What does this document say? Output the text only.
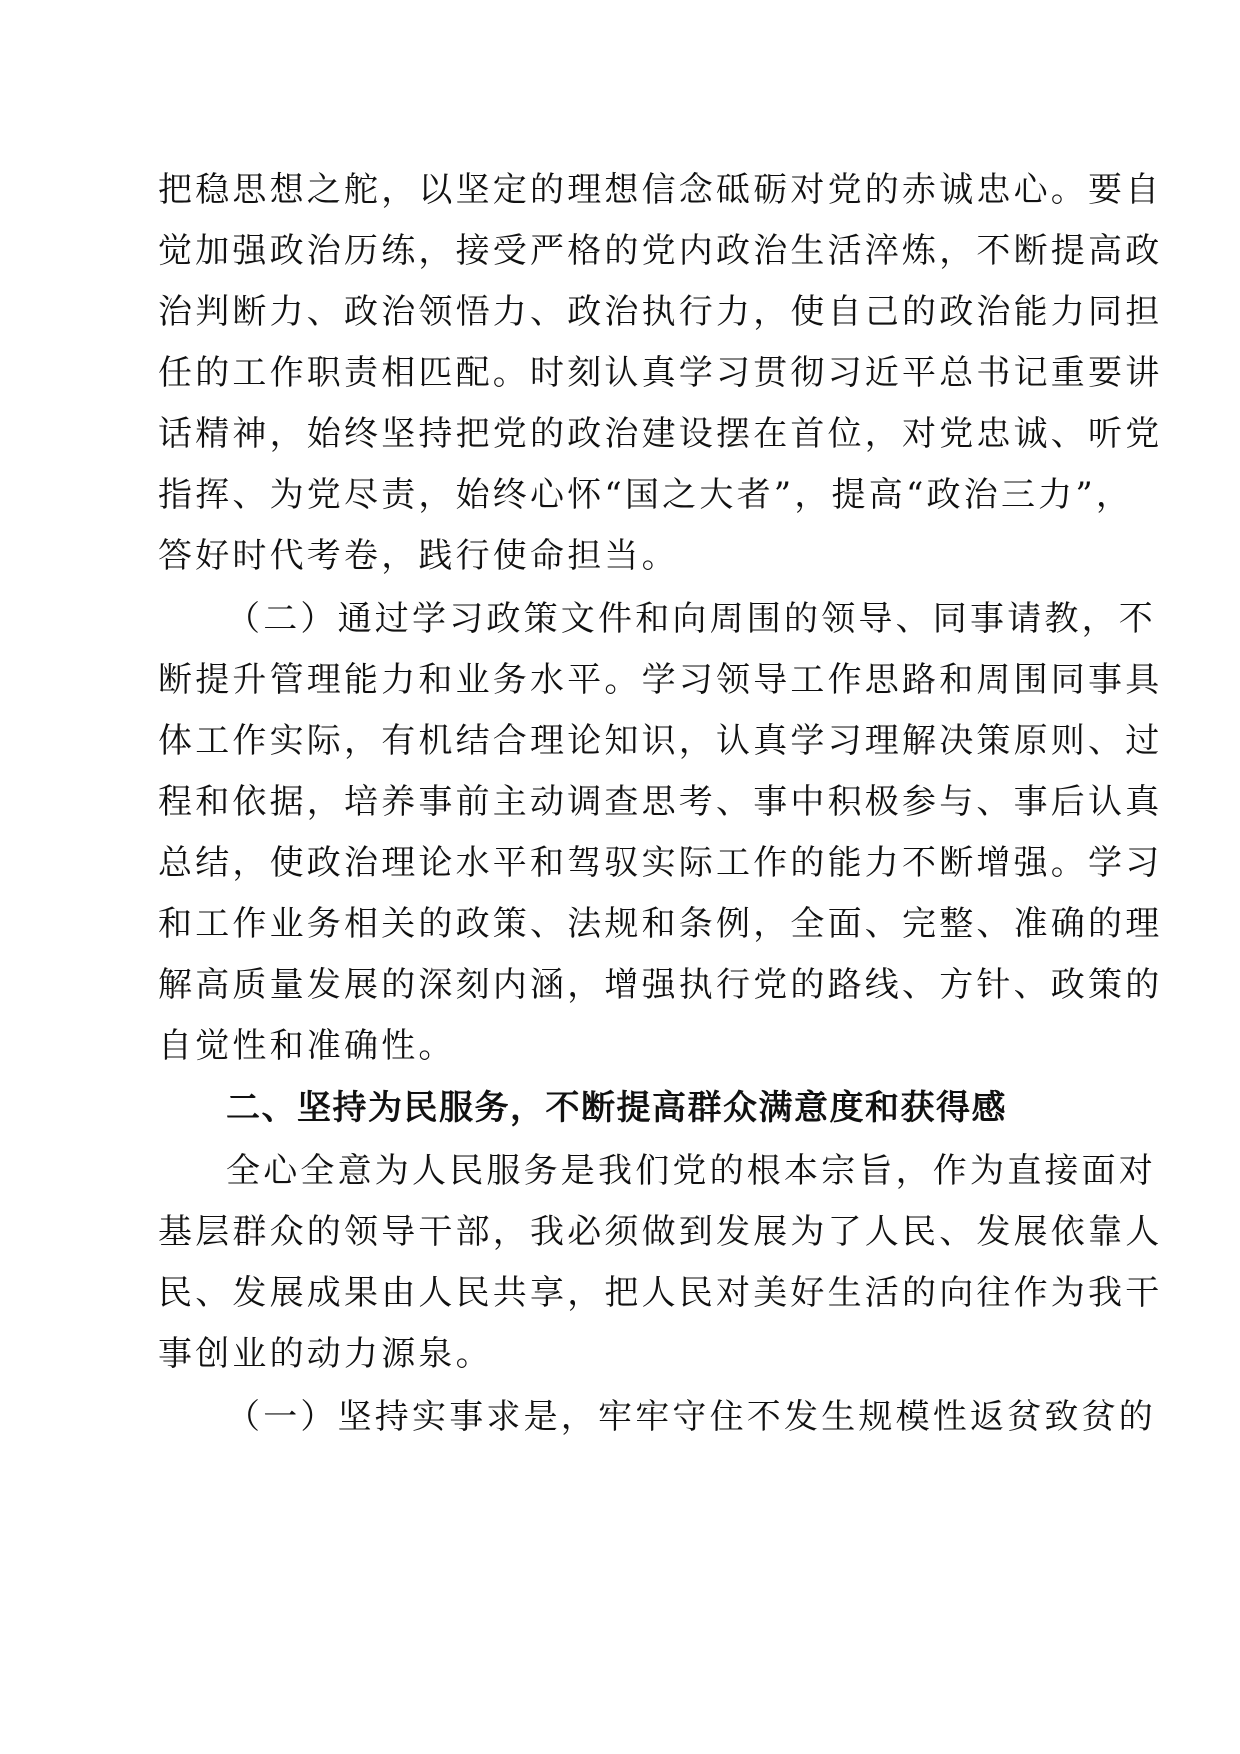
把稳思想之舵，以坚定的理想信念砥砺对党的赤诚忠心。要自
觉加强政治历练，接受严格的党内政治生活淬炼，不断提高政
治判断力、政治领悟力、政治执行力，使自己的政治能力同担
任的工作职责相匹配。时刻认真学习贯彻习近平总书记重要讲
话精神，始终坚持把党的政治建设摆在首位，对党忠诚、听党
指挥、为党尽责，始终心怀“国之大者”，提高“政治三力”，
答好时代考卷，践行使命担当。
（二）通过学习政策文件和向周围的领导、同事请教，不
断提升管理能力和业务水平。学习领导工作思路和周围同事具
体工作实际，有机结合理论知识，认真学习理解决策原则、过
程和依据，培养事前主动调查思考、事中积极参与、事后认真
总结，使政治理论水平和驾驭实际工作的能力不断增强。学习
和工作业务相关的政策、法规和条例，全面、完整、准确的理
解高质量发展的深刻内涵，增强执行党的路线、方针、政策的
自觉性和准确性。
二、坚持为民服务，不断提高群众满意度和获得感
全心全意为人民服务是我们党的根本宗旨，作为直接面对
基层群众的领导干部，我必须做到发展为了人民、发展依靠人
民、发展成果由人民共享，把人民对美好生活的向往作为我干
事创业的动力源泉。
（一）坚持实事求是，牢牢守住不发生规模性返贫致贫的
